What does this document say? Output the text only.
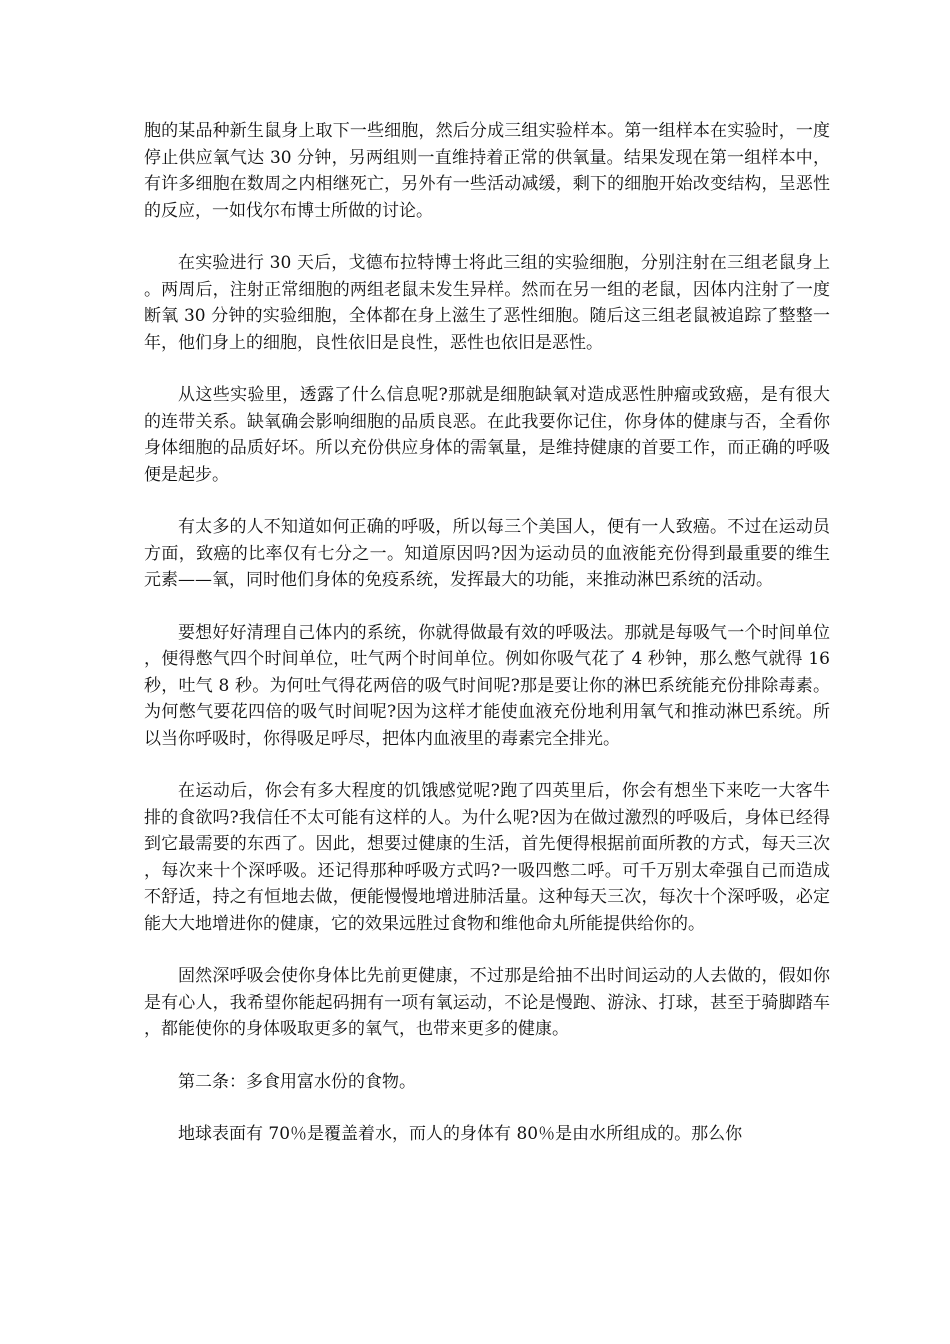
胞的某品种新生鼠身上取下一些细胞，然后分成三组实验样本。第一组样本在实验时，一度停止供应氧气达 30 分钟，另两组则一直维持着正常的供氧量。结果发现在第一组样本中，有许多细胞在数周之内相继死亡，另外有一些活动减缓，剩下的细胞开始改变结构，呈恶性的反应，一如伐尔布博士所做的讨论。

在实验进行 30 天后，戈德布拉特博士将此三组的实验细胞，分别注射在三组老鼠身上。两周后，注射正常细胞的两组老鼠未发生异样。然而在另一组的老鼠，因体内注射了一度断氧 30 分钟的实验细胞，全体都在身上滋生了恶性细胞。随后这三组老鼠被追踪了整整一年，他们身上的细胞，良性依旧是良性，恶性也依旧是恶性。

从这些实验里，透露了什么信息呢?那就是细胞缺氧对造成恶性肿瘤或致癌，是有很大的连带关系。缺氧确会影响细胞的品质良恶。在此我要你记住，你身体的健康与否，全看你身体细胞的品质好坏。所以充份供应身体的需氧量，是维持健康的首要工作，而正确的呼吸便是起步。

有太多的人不知道如何正确的呼吸，所以每三个美国人，便有一人致癌。不过在运动员方面，致癌的比率仅有七分之一。知道原因吗?因为运动员的血液能充份得到最重要的维生元素——氧，同时他们身体的免疫系统，发挥最大的功能，来推动淋巴系统的活动。

要想好好清理自己体内的系统，你就得做最有效的呼吸法。那就是每吸气一个时间单位，便得憋气四个时间单位，吐气两个时间单位。例如你吸气花了 4 秒钟，那么憋气就得 16 秒，吐气 8 秒。为何吐气得花两倍的吸气时间呢?那是要让你的淋巴系统能充份排除毒素。为何憋气要花四倍的吸气时间呢?因为这样才能使血液充份地利用氧气和推动淋巴系统。所以当你呼吸时，你得吸足呼尽，把体内血液里的毒素完全排光。

在运动后，你会有多大程度的饥饿感觉呢?跑了四英里后，你会有想坐下来吃一大客牛排的食欲吗?我信任不太可能有这样的人。为什么呢?因为在做过激烈的呼吸后，身体已经得到它最需要的东西了。因此，想要过健康的生活，首先便得根据前面所教的方式，每天三次，每次来十个深呼吸。还记得那种呼吸方式吗?一吸四憋二呼。可千万别太牵强自己而造成不舒适，持之有恒地去做，便能慢慢地增进肺活量。这种每天三次，每次十个深呼吸，必定能大大地增进你的健康，它的效果远胜过食物和维他命丸所能提供给你的。

固然深呼吸会使你身体比先前更健康，不过那是给抽不出时间运动的人去做的，假如你是有心人，我希望你能起码拥有一项有氧运动，不论是慢跑、游泳、打球，甚至于骑脚踏车，都能使你的身体吸取更多的氧气，也带来更多的健康。

第二条：多食用富水份的食物。

地球表面有 70％是覆盖着水，而人的身体有 80％是由水所组成的。那么你
